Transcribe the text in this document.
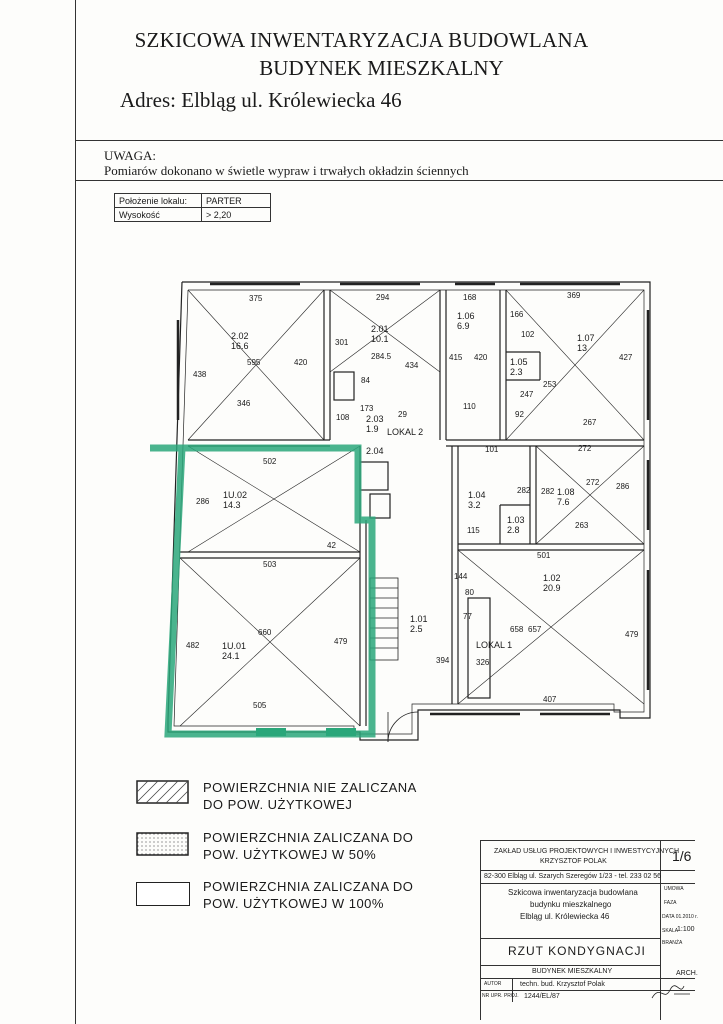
SZKICOWA INWENTARYZACJA BUDOWLANA
BUDYNEK MIESZKALNY
Adres: Elbląg ul. Królewiecka 46
UWAGA:
Pomiarów dokonano w świetle wypraw i trwałych okładzin ściennych
Położenie lokalu:	PARTER
Wysokość	> 2,20
2.02
16.6
2.01
10.1
1.06
6.9
1.07
13
1.05
2.3
2.03
1.9
2.04
1U.02
14.3
1.04
3.2
1.08
7.6
1.03
2.8
1.02
20.9
1.01
2.5
1U.01
24.1
LOKAL 2
LOKAL 1
375	294	168	369
438
595	420
301
284.5
434
415 420
166
102
427
346
84
108
173
29
110
247
253
92
267
502
101	272
286
282 282
272 286
263
115
503
42
501
144
80
77
660
479
482
394	326
658 657
479
505
407
POWIERZCHNIA NIE ZALICZANA
DO POW. UŻYTKOWEJ
POWIERZCHNIA ZALICZANA DO
POW. UŻYTKOWEJ W 50%
POWIERZCHNIA ZALICZANA DO
POW. UŻYTKOWEJ W 100%
ZAKŁAD USŁUG PROJEKTOWYCH I INWESTYCYJNYCH
KRZYSZTOF POLAK
82-300 Elbląg ul. Szarych Szeregów 1/23 - tel. 233 02 56
1/6
Szkicowa inwentaryzacja budowlana
budynku mieszkalnego
Elbląg ul. Królewiecka 46
UMOWA
FAZA
DATA 01.2010 r.
SKALA
1:100
BRANŻA
ARCH.
RZUT KONDYGNACJI
BUDYNEK MIESZKALNY
AUTOR	techn. bud. Krzysztof Polak
NR UPR. PROJ. 1244/EL/87
